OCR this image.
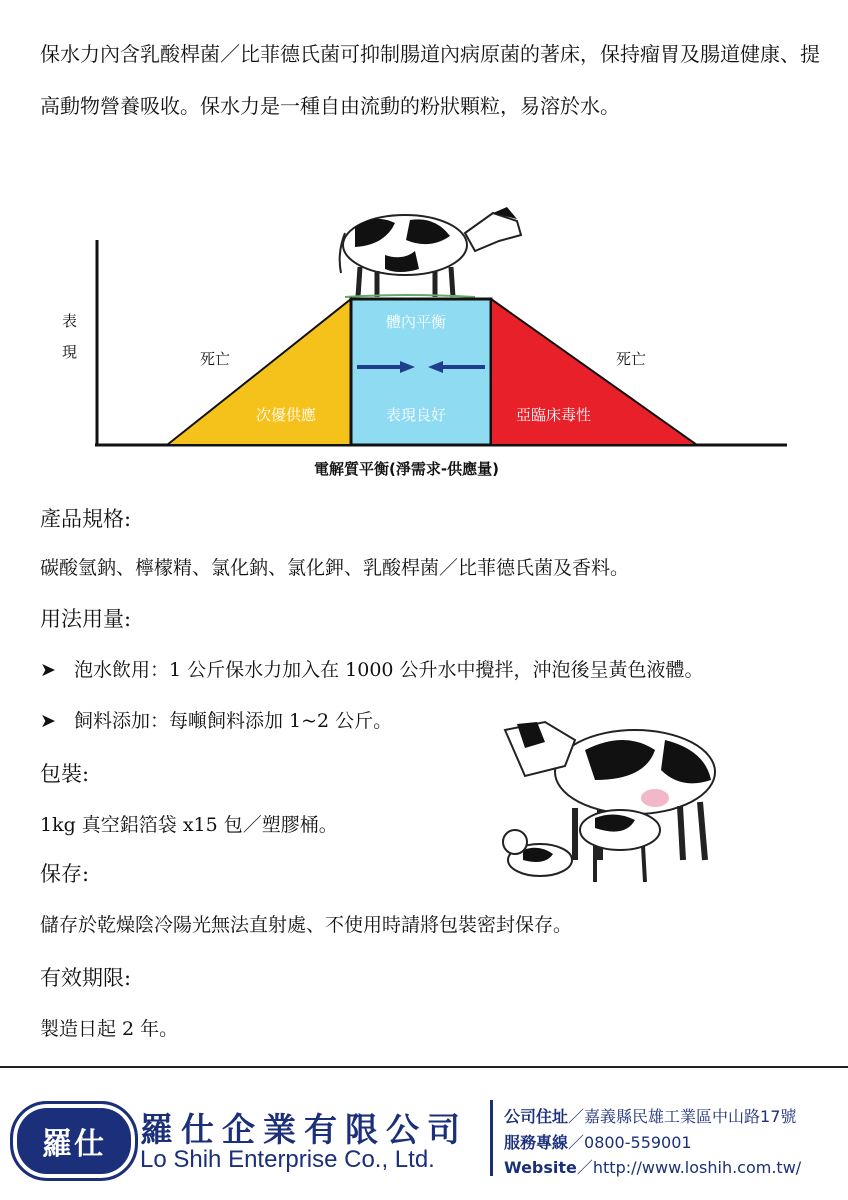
保水力內含乳酸桿菌／比菲德氏菌可抑制腸道內病原菌的著床，保持瘤胃及腸道健康、提高動物營養吸收。保水力是一種自由流動的粉狀顆粒，易溶於水。

表
現	死亡	死亡
體內平衡
次優供應	表現良好	亞臨床毒性
電解質平衡(淨需求-供應量)
產品規格:
碳酸氫鈉、檸檬精、氯化鈉、氯化鉀、乳酸桿菌／比菲德氏菌及香料。
用法用量:
➤ 泡水飲用：1 公斤保水力加入在 1000 公升水中攪拌，沖泡後呈黃色液體。
➤ 飼料添加：每噸飼料添加 1~2 公斤。
包裝:
1kg 真空鋁箔袋 x15 包／塑膠桶。
保存:
儲存於乾燥陰冷陽光無法直射處、不使用時請將包裝密封保存。
有效期限:
製造日起 2 年。
羅仕 羅仕企業有限公司
Lo Shih Enterprise Co., Ltd.
公司住址／嘉義縣民雄工業區中山路17號
服務專線／0800-559001
Website／http://www.loshih.com.tw/
